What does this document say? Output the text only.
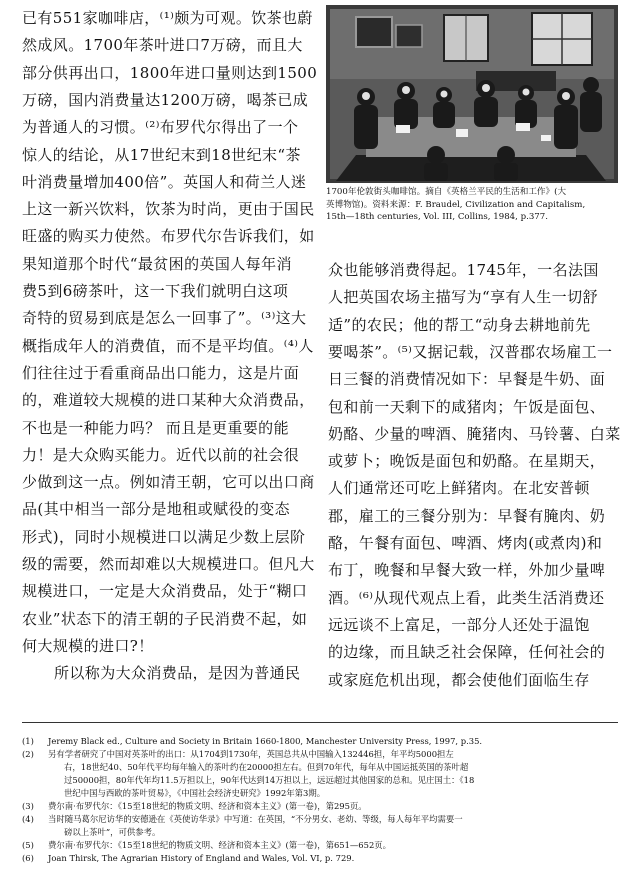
已有551家咖啡店，⁽¹⁾颇为可观。饮茶也蔚
然成风。1700年茶叶进口7万磅，而且大
部分供再出口，1800年进口量则达到1500
万磅，国内消费量达1200万磅，喝茶已成
为普通人的习惯。⁽²⁾布罗代尔得出了一个
惊人的结论，从17世纪末到18世纪末“茶
叶消费量增加400倍”。英国人和荷兰人迷
上这一新兴饮料，饮茶为时尚，更由于国民
旺盛的购买力使然。布罗代尔告诉我们，如
果知道那个时代“最贫困的英国人每年消
费5到6磅茶叶，这一下我们就明白这项
奇特的贸易到底是怎么一回事了”。⁽³⁾这大
概指成年人的消费值，而不是平均值。⁽⁴⁾人
们往往过于看重商品出口能力，这是片面
的，难道较大规模的进口某种大众消费品，
不也是一种能力吗？ 而且是更重要的能
力！是大众购买能力。近代以前的社会很
少做到这一点。例如清王朝，它可以出口商
品(其中相当一部分是地租或赋役的变态
形式)，同时小规模进口以满足少数上层阶
级的需要，然而却难以大规模进口。但凡大
规模进口，一定是大众消费品，处于“糊口
农业”状态下的清王朝的子民消费不起，如
何大规模的进口?！
所以称为大众消费品，是因为普通民
1700年伦敦街头咖啡馆。摘自《英格兰平民的生活和工作》(大
英博物馆)。资料来源：F. Braudel, Civilization and Capitalism,
15th—18th centuries, Vol. III, Collins, 1984, p.377.
众也能够消费得起。1745年，一名法国
人把英国农场主描写为“享有人生一切舒
适”的农民；他的帮工“动身去耕地前先
要喝茶”。⁽⁵⁾又据记载，汉普郡农场雇工一
日三餐的消费情况如下：早餐是牛奶、面
包和前一天剩下的咸猪肉；午饭是面包、
奶酪、少量的啤酒、腌猪肉、马铃薯、白菜
或萝卜；晚饭是面包和奶酪。在星期天，
人们通常还可吃上鲜猪肉。在北安普顿
郡，雇工的三餐分别为：早餐有腌肉、奶
酪，午餐有面包、啤酒、烤肉(或煮肉)和
布丁，晚餐和早餐大致一样，外加少量啤
酒。⁽⁶⁾从现代观点上看，此类生活消费还
远远谈不上富足，一部分人还处于温饱
的边缘，而且缺乏社会保障，任何社会的
或家庭危机出现，都会使他们面临生存
(1)	Jeremy Black ed., Culture and Society in Britain 1660-1800, Manchester University Press, 1997, p.35.
(2)	另有学者研究了中国对英茶叶的出口：从1704到1730年，英国总共从中国输入132446担，年平均5000担左
右，18世纪40、50年代平均每年输入的茶叶约在20000担左右。但到70年代，每年从中国运抵英国的茶叶超
过50000担，80年代年均11.5万担以上，90年代达到14万担以上，远远超过其他国家的总和。见庄国土：《18
世纪中国与西欧的茶叶贸易》，《中国社会经济史研究》1992年第3期。
(3)	费尔南·布罗代尔：《15至18世纪的物质文明、经济和资本主义》(第一卷)，第295页。
(4)	当时随马葛尔尼访华的安德逊在《英使访华录》中写道：在英国，“不分男女、老幼、等级，每人每年平均需要一
磅以上茶叶”，可供参考。
(5)	费尔南·布罗代尔：《15至18世纪的物质文明、经济和资本主义》(第一卷)，第651—652页。
(6)	Joan Thirsk, The Agrarian History of England and Wales, Vol. VI, p. 729.
